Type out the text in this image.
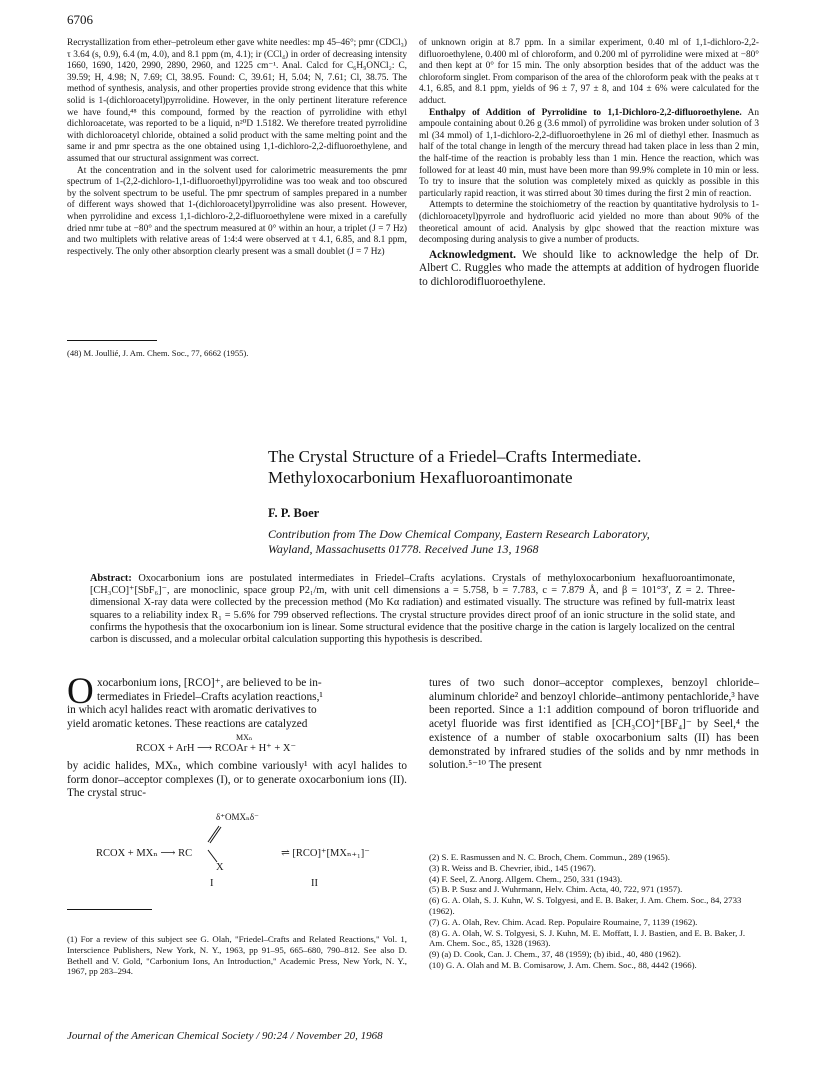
6706

Recrystallization from ether–petroleum ether gave white needles: mp 45–46°; pmr (CDCl₃) τ 3.64 (s, 0.9), 6.4 (m, 4.0), and 8.1 ppm (m, 4.1); ir (CCl₄) in order of decreasing intensity 1660, 1690, 1420, 2990, 2890, 2960, and 1225 cm⁻¹. Anal. Calcd for C₆H₉ONCl₂: C, 39.59; H, 4.98; N, 7.69; Cl, 38.95. Found: C, 39.61; H, 5.04; N, 7.61; Cl, 38.75. The method of synthesis, analysis, and other properties provide strong evidence that this white solid is 1-(dichloroacetyl)pyrrolidine. However, in the only pertinent literature reference we have found,⁴⁸ this compound, formed by the reaction of pyrrolidine with ethyl dichloroacetate, was reported to be a liquid, n²⁰D 1.5182. We therefore treated pyrrolidine with dichloroacetyl chloride, obtained a solid product with the same melting point and the same ir and pmr spectra as the one obtained using 1,1-dichloro-2,2-difluoroethylene, and assumed that our structural assignment was correct.

At the concentration and in the solvent used for calorimetric measurements the pmr spectrum of 1-(2,2-dichloro-1,1-difluoroethyl)pyrrolidine was too weak and too obscured by the solvent spectrum to be useful. The pmr spectrum of samples prepared in a number of different ways showed that 1-(dichloroacetyl)pyrrolidine was also present. However, when pyrrolidine and excess 1,1-dichloro-2,2-difluoroethylene were mixed in a carefully dried nmr tube at −80° and the spectrum measured at 0° within an hour, a triplet (J = 7 Hz) and two multiplets with relative areas of 1:4:4 were observed at τ 4.1, 6.85, and 8.1 ppm, respectively. The only other absorption clearly present was a small doublet (J = 7 Hz)

(48) M. Joullié, J. Am. Chem. Soc., 77, 6662 (1955).

of unknown origin at 8.7 ppm. In a similar experiment, 0.40 ml of 1,1-dichloro-2,2-difluoroethylene, 0.400 ml of chloroform, and 0.200 ml of pyrrolidine were mixed at −80° and then kept at 0° for 15 min. The only absorption besides that of the adduct was the chloroform singlet. From comparison of the area of the chloroform peak with the peaks at τ 4.1, 6.85, and 8.1 ppm, yields of 96 ± 7, 97 ± 8, and 104 ± 6% were calculated for the adduct.

Enthalpy of Addition of Pyrrolidine to 1,1-Dichloro-2,2-difluoroethylene. An ampoule containing about 0.26 g (3.6 mmol) of pyrrolidine was broken under solution of 3 ml (34 mmol) of 1,1-dichloro-2,2-difluoroethylene in 26 ml of diethyl ether. Inasmuch as half of the total change in length of the mercury thread had taken place in less than 2 min, the half-time of the reaction is probably less than 1 min. Hence the reaction, which was followed for at least 40 min, must have been more than 99.9% complete in 10 min or less. To try to insure that the solution was completely mixed as quickly as possible in this particularly rapid reaction, it was stirred about 30 times during the first 2 min of reaction.

Attempts to determine the stoichiometry of the reaction by quantitative hydrolysis to 1-(dichloroacetyl)pyrrole and hydrofluoric acid yielded no more than about 90% of the theoretical amount of acid. Analysis by glpc showed that the reaction mixture was decomposing during analysis to give a number of products.

Acknowledgment. We should like to acknowledge the help of Dr. Albert C. Ruggles who made the attempts at addition of hydrogen fluoride to dichlorodifluoroethylene.

The Crystal Structure of a Friedel–Crafts Intermediate.
Methyloxocarbonium Hexafluoroantimonate
F. P. Boer
Contribution from The Dow Chemical Company, Eastern Research Laboratory,
Wayland, Massachusetts 01778. Received June 13, 1968
Abstract: Oxocarbonium ions are postulated intermediates in Friedel–Crafts acylations. Crystals of methyloxocarbonium hexafluoroantimonate, [CH₃CO]⁺[SbF₆]⁻, are monoclinic, space group P2₁/m, with unit cell dimensions a = 5.758, b = 7.783, c = 7.879 Å, and β = 101°3′, Z = 2. Three-dimensional X-ray data were collected by the precession method (Mo Kα radiation) and estimated visually. The structure was refined by full-matrix least squares to a reliability index R₁ = 5.6% for 799 observed reflections. The crystal structure provides direct proof of an ionic structure in the solid state, and confirms the hypothesis that the oxocarbonium ion is linear. Some structural evidence that the positive charge in the cation is largely localized on the central carbon is discussed, and a molecular orbital calculation supporting this hypothesis is described.
O xocarbonium ions, [RCO]⁺, are believed to be in-
termediates in Friedel–Crafts acylation reactions,¹
in which acyl halides react with aromatic derivatives to
yield aromatic ketones. These reactions are catalyzed
MXₙ
RCOX + ArH ⟶ RCOAr + H⁺ + X⁻
by acidic halides, MXₙ, which combine variously¹ with acyl halides to form donor–acceptor complexes (I), or to generate oxocarbonium ions (II). The crystal struc-
δ⁺OMXₙδ⁻
RCOX + MXₙ ⟶ RC
X
⇌ [RCO]⁺[MXₙ₊₁]⁻
I	II
(1) For a review of this subject see G. Olah, "Friedel–Crafts and Related Reactions," Vol. 1, Interscience Publishers, New York, N. Y., 1963, pp 91–95, 665–680, 790–812. See also D. Bethell and V. Gold, "Carbonium Ions, An Introduction," Academic Press, New York, N. Y., 1967, pp 283–294.
tures of two such donor–acceptor complexes, benzoyl chloride–aluminum chloride² and benzoyl chloride–antimony pentachloride,³ have been reported. Since a 1:1 addition compound of boron trifluoride and acetyl fluoride was first identified as [CH₃CO]⁺[BF₄]⁻ by Seel,⁴ the existence of a number of stable oxocarbonium salts (II) has been demonstrated by infrared studies of the solids and by nmr methods in solution.⁵⁻¹⁰ The present
(2) S. E. Rasmussen and N. C. Broch, Chem. Commun., 289 (1965).
(3) R. Weiss and B. Chevrier, ibid., 145 (1967).
(4) F. Seel, Z. Anorg. Allgem. Chem., 250, 331 (1943).
(5) B. P. Susz and J. Wuhrmann, Helv. Chim. Acta, 40, 722, 971 (1957).
(6) G. A. Olah, S. J. Kuhn, W. S. Tolgyesi, and E. B. Baker, J. Am. Chem. Soc., 84, 2733 (1962).
(7) G. A. Olah, Rev. Chim. Acad. Rep. Populaire Roumaine, 7, 1139 (1962).
(8) G. A. Olah, W. S. Tolgyesi, S. J. Kuhn, M. E. Moffatt, I. J. Bastien, and E. B. Baker, J. Am. Chem. Soc., 85, 1328 (1963).
(9) (a) D. Cook, Can. J. Chem., 37, 48 (1959); (b) ibid., 40, 480 (1962).
(10) G. A. Olah and M. B. Comisarow, J. Am. Chem. Soc., 88, 4442 (1966).
Journal of the American Chemical Society / 90:24 / November 20, 1968
